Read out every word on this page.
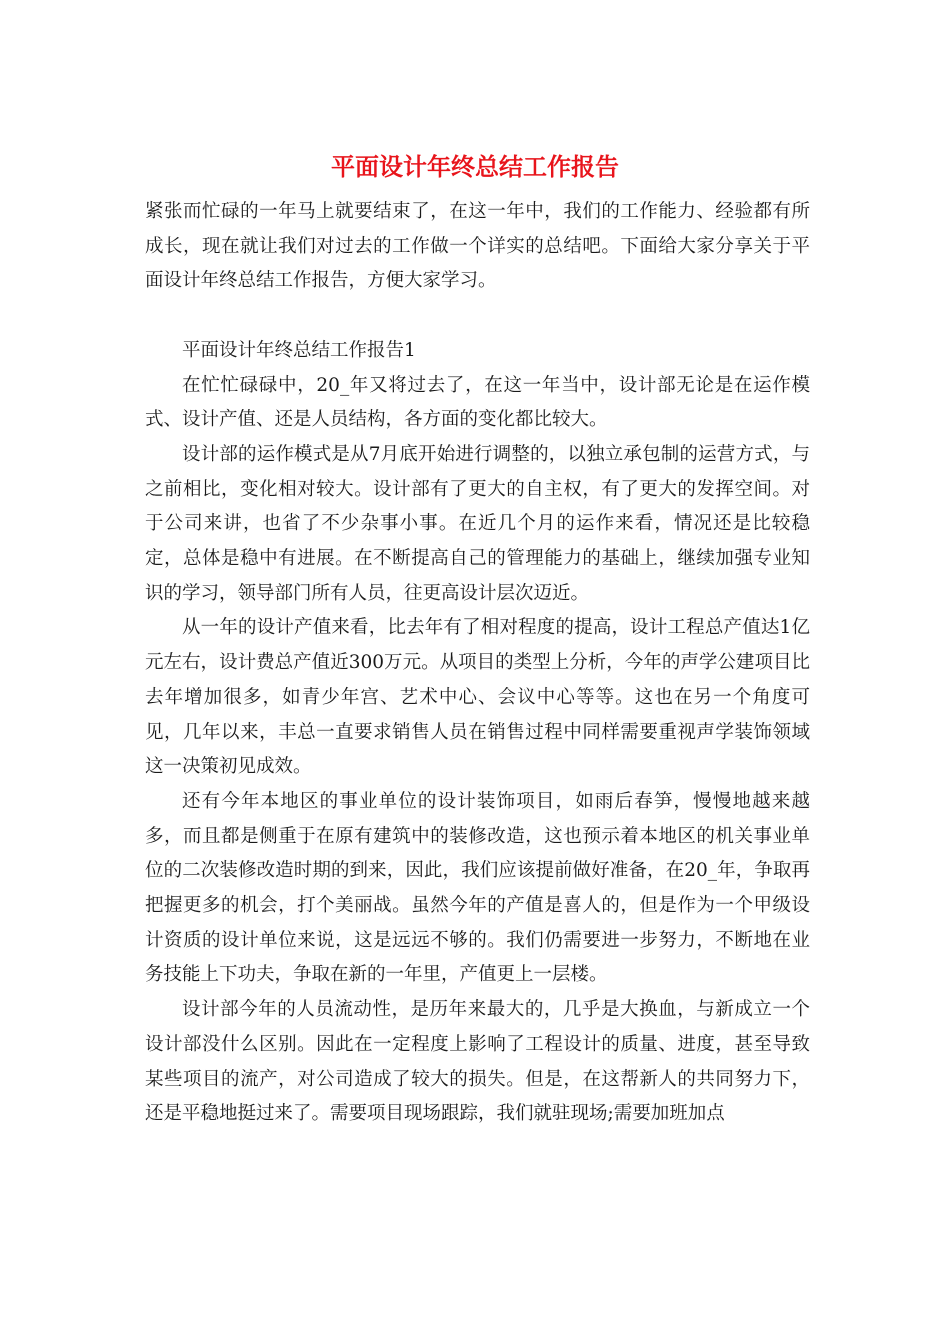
平面设计年终总结工作报告

紧张而忙碌的一年马上就要结束了，在这一年中，我们的工作能力、经验都有所成长，现在就让我们对过去的工作做一个详实的总结吧。下面给大家分享关于平面设计年终总结工作报告，方便大家学习。

平面设计年终总结工作报告1

在忙忙碌碌中，20_年又将过去了，在这一年当中，设计部无论是在运作模式、设计产值、还是人员结构，各方面的变化都比较大。

设计部的运作模式是从7月底开始进行调整的，以独立承包制的运营方式，与之前相比，变化相对较大。设计部有了更大的自主权，有了更大的发挥空间。对于公司来讲，也省了不少杂事小事。在近几个月的运作来看，情况还是比较稳定，总体是稳中有进展。在不断提高自己的管理能力的基础上，继续加强专业知识的学习，领导部门所有人员，往更高设计层次迈近。

从一年的设计产值来看，比去年有了相对程度的提高，设计工程总产值达1亿元左右，设计费总产值近300万元。从项目的类型上分析，今年的声学公建项目比去年增加很多，如青少年宫、艺术中心、会议中心等等。这也在另一个角度可见，几年以来，丰总一直要求销售人员在销售过程中同样需要重视声学装饰领域这一决策初见成效。

还有今年本地区的事业单位的设计装饰项目，如雨后春笋，慢慢地越来越多，而且都是侧重于在原有建筑中的装修改造，这也预示着本地区的机关事业单位的二次装修改造时期的到来，因此，我们应该提前做好准备，在20_年，争取再把握更多的机会，打个美丽战。虽然今年的产值是喜人的，但是作为一个甲级设计资质的设计单位来说，这是远远不够的。我们仍需要进一步努力，不断地在业务技能上下功夫，争取在新的一年里，产值更上一层楼。

设计部今年的人员流动性，是历年来最大的，几乎是大换血，与新成立一个设计部没什么区别。因此在一定程度上影响了工程设计的质量、进度，甚至导致某些项目的流产，对公司造成了较大的损失。但是，在这帮新人的共同努力下，还是平稳地挺过来了。需要项目现场跟踪，我们就驻现场;需要加班加点
